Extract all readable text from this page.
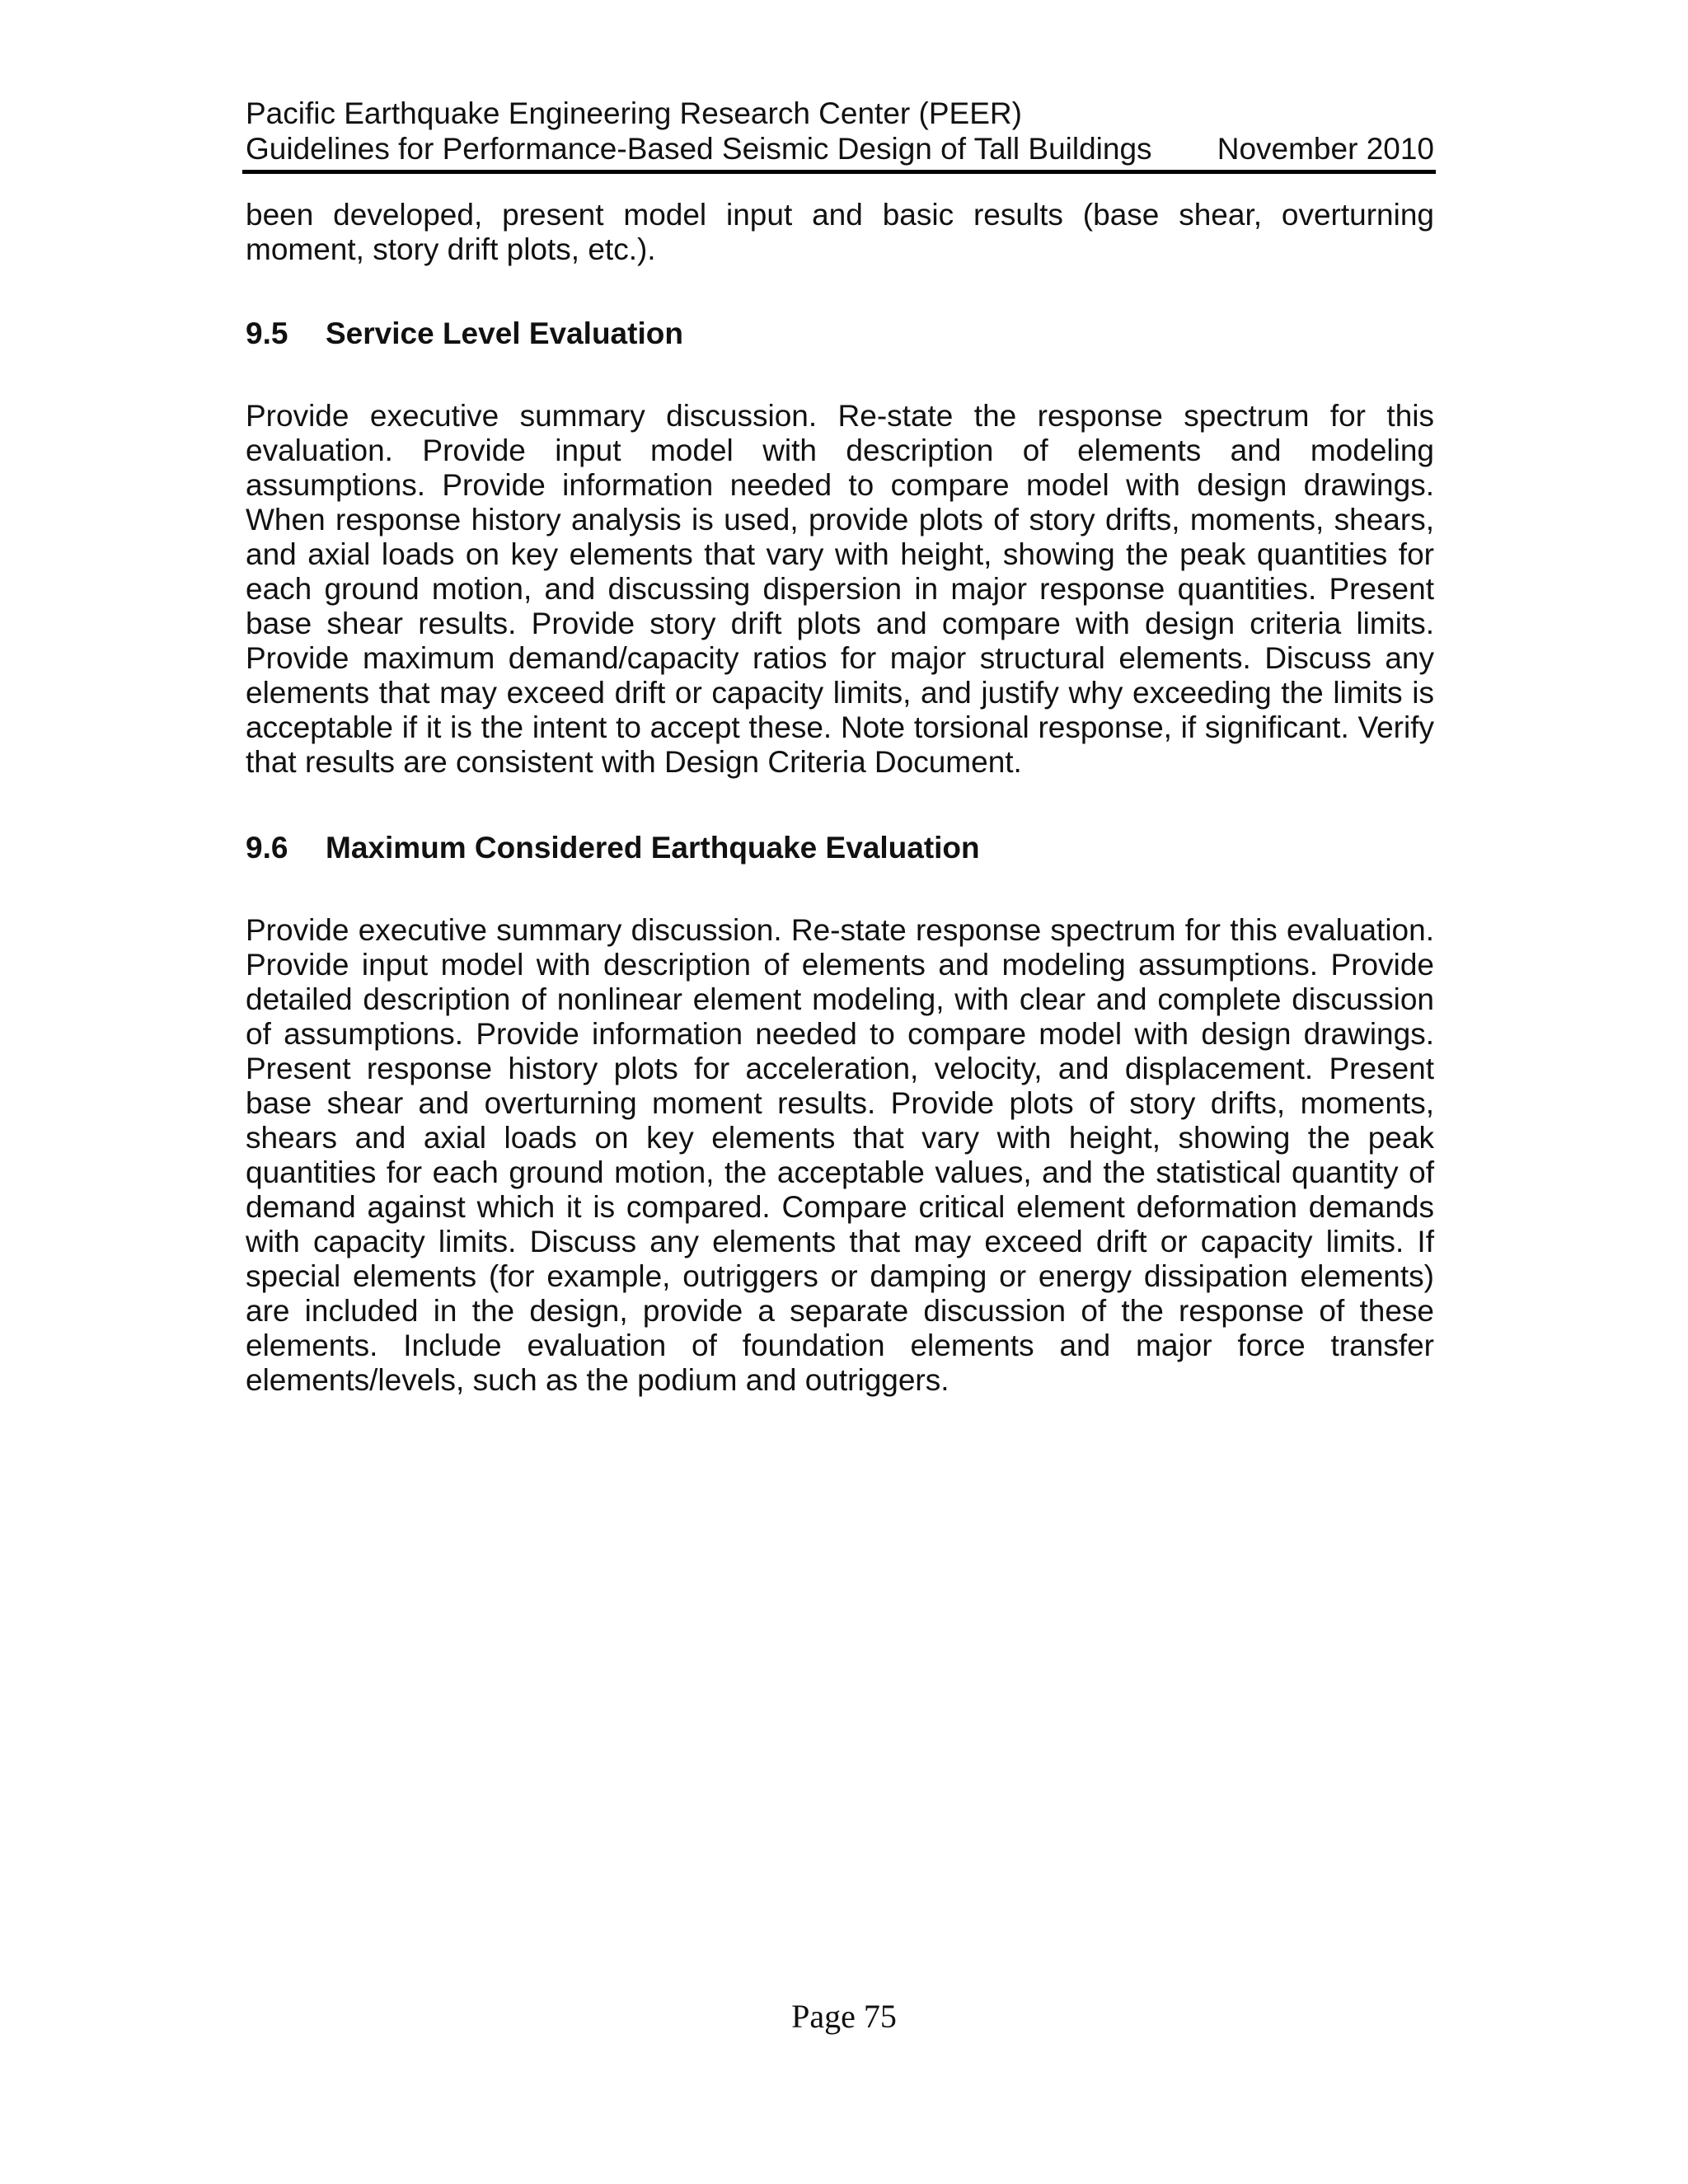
Pacific Earthquake Engineering Research Center (PEER)
Guidelines for Performance-Based Seismic Design of Tall Buildings November 2010

been developed, present model input and basic results (base shear, overturning moment, story drift plots, etc.).

9.5 Service Level Evaluation

Provide executive summary discussion. Re-state the response spectrum for this evaluation. Provide input model with description of elements and modeling assumptions. Provide information needed to compare model with design drawings. When response history analysis is used, provide plots of story drifts, moments, shears, and axial loads on key elements that vary with height, showing the peak quantities for each ground motion, and discussing dispersion in major response quantities. Present base shear results. Provide story drift plots and compare with design criteria limits. Provide maximum demand/capacity ratios for major structural elements. Discuss any elements that may exceed drift or capacity limits, and justify why exceeding the limits is acceptable if it is the intent to accept these. Note torsional response, if significant. Verify that results are consistent with Design Criteria Document.

9.6 Maximum Considered Earthquake Evaluation

Provide executive summary discussion. Re-state response spectrum for this evaluation. Provide input model with description of elements and modeling assumptions. Provide detailed description of nonlinear element modeling, with clear and complete discussion of assumptions. Provide information needed to compare model with design drawings. Present response history plots for acceleration, velocity, and displacement. Present base shear and overturning moment results. Provide plots of story drifts, moments, shears and axial loads on key elements that vary with height, showing the peak quantities for each ground motion, the acceptable values, and the statistical quantity of demand against which it is compared. Compare critical element deformation demands with capacity limits. Discuss any elements that may exceed drift or capacity limits. If special elements (for example, outriggers or damping or energy dissipation elements) are included in the design, provide a separate discussion of the response of these elements. Include evaluation of foundation elements and major force transfer elements/levels, such as the podium and outriggers.

Page 75
